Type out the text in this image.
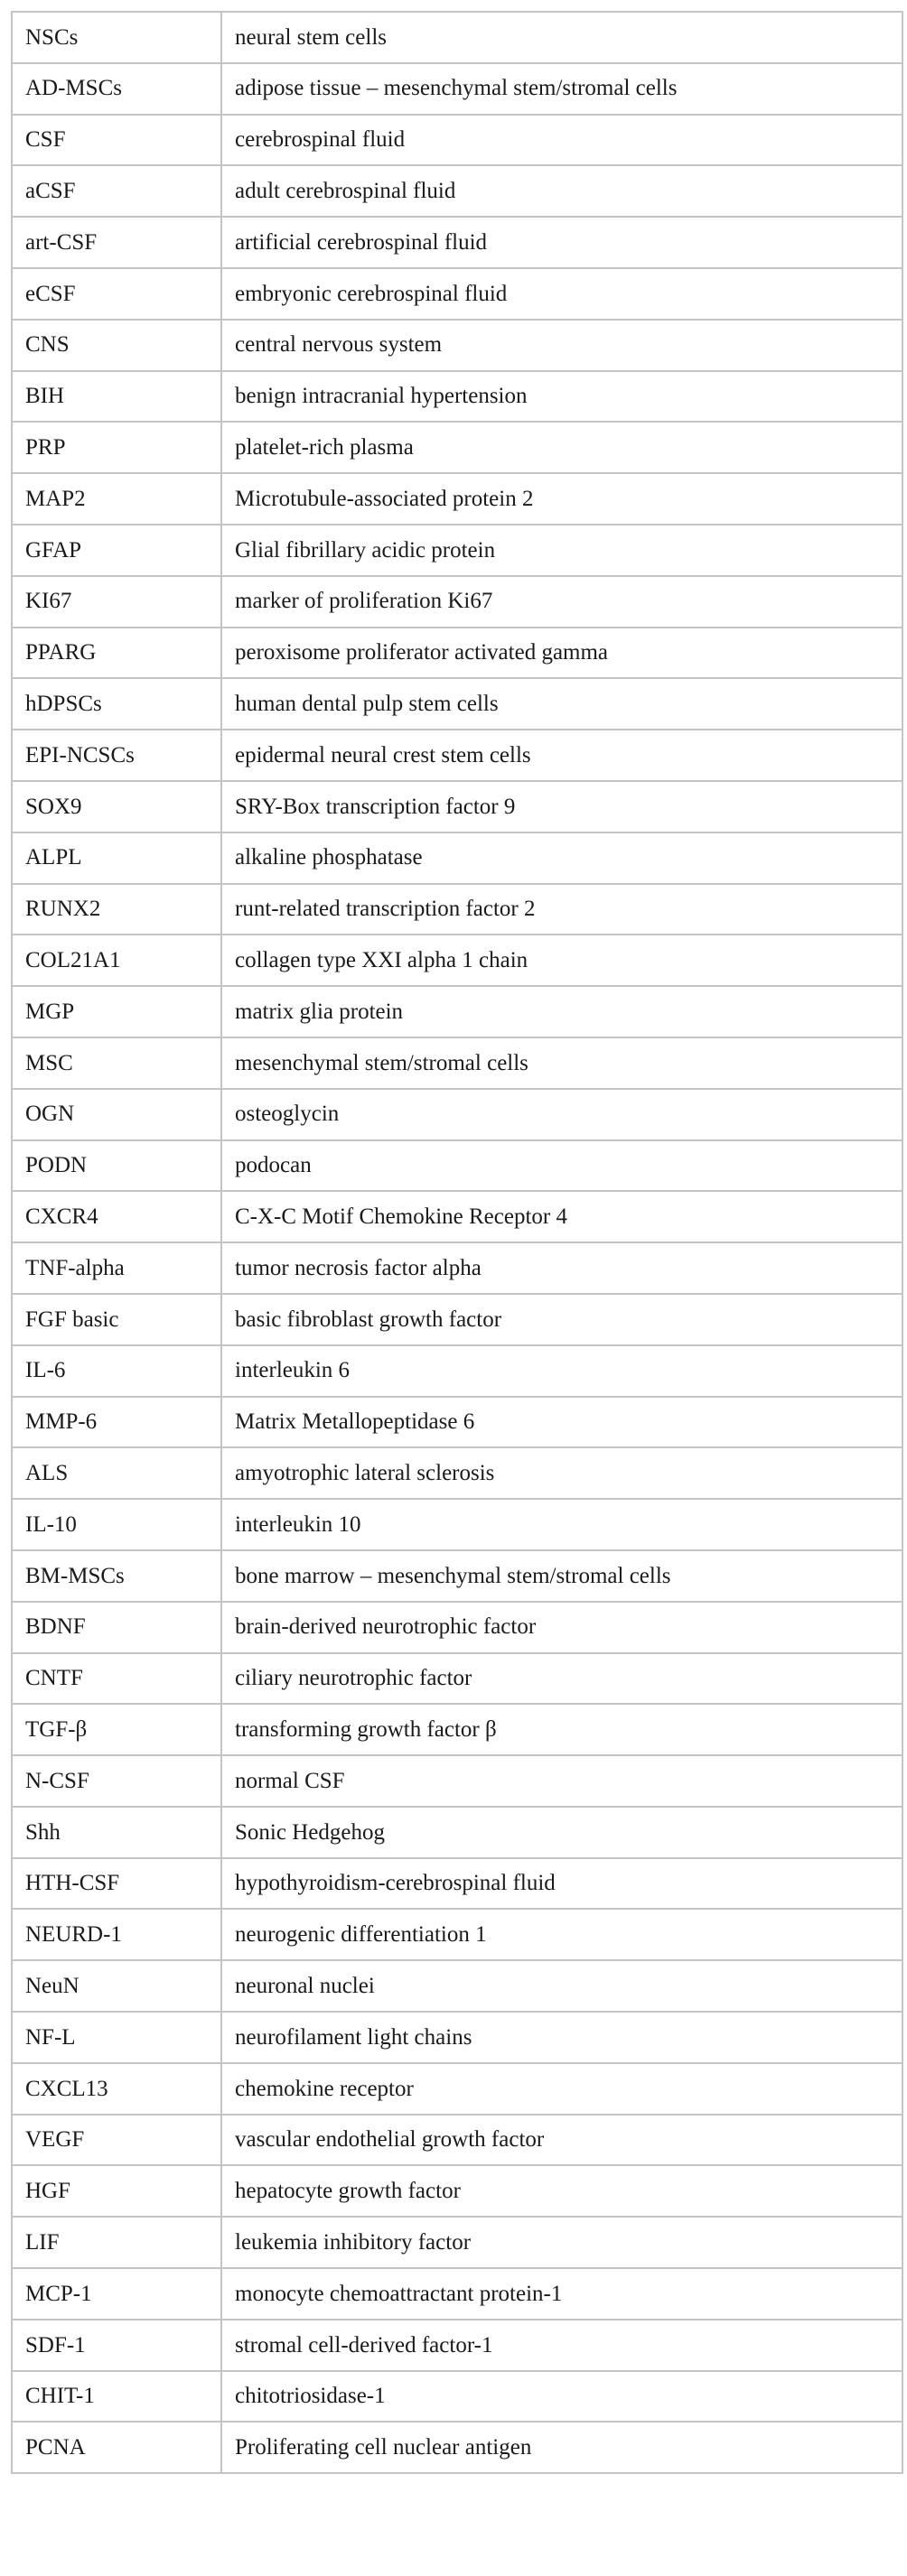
NSCs	neural stem cells
AD-MSCs	adipose tissue – mesenchymal stem/stromal cells
CSF	cerebrospinal fluid
aCSF	adult cerebrospinal fluid
art-CSF	artificial cerebrospinal fluid
eCSF	embryonic cerebrospinal fluid
CNS	central nervous system
BIH	benign intracranial hypertension
PRP	platelet-rich plasma
MAP2	Microtubule-associated protein 2
GFAP	Glial fibrillary acidic protein
KI67	marker of proliferation Ki67
PPARG	peroxisome proliferator activated gamma
hDPSCs	human dental pulp stem cells
EPI-NCSCs	epidermal neural crest stem cells
SOX9	SRY-Box transcription factor 9
ALPL	alkaline phosphatase
RUNX2	runt-related transcription factor 2
COL21A1	collagen type XXI alpha 1 chain
MGP	matrix glia protein
MSC	mesenchymal stem/stromal cells
OGN	osteoglycin
PODN	podocan
CXCR4	C-X-C Motif Chemokine Receptor 4
TNF-alpha	tumor necrosis factor alpha
FGF basic	basic fibroblast growth factor
IL-6	interleukin 6
MMP-6	Matrix Metallopeptidase 6
ALS	amyotrophic lateral sclerosis
IL-10	interleukin 10
BM-MSCs	bone marrow – mesenchymal stem/stromal cells
BDNF	brain-derived neurotrophic factor
CNTF	ciliary neurotrophic factor
TGF-β	transforming growth factor β
N-CSF	normal CSF
Shh	Sonic Hedgehog
HTH-CSF	hypothyroidism-cerebrospinal fluid
NEURD-1	neurogenic differentiation 1
NeuN	neuronal nuclei
NF-L	neurofilament light chains
CXCL13	chemokine receptor
VEGF	vascular endothelial growth factor
HGF	hepatocyte growth factor
LIF	leukemia inhibitory factor
MCP-1	monocyte chemoattractant protein-1
SDF-1	stromal cell-derived factor-1
CHIT-1	chitotriosidase-1
PCNA	Proliferating cell nuclear antigen
